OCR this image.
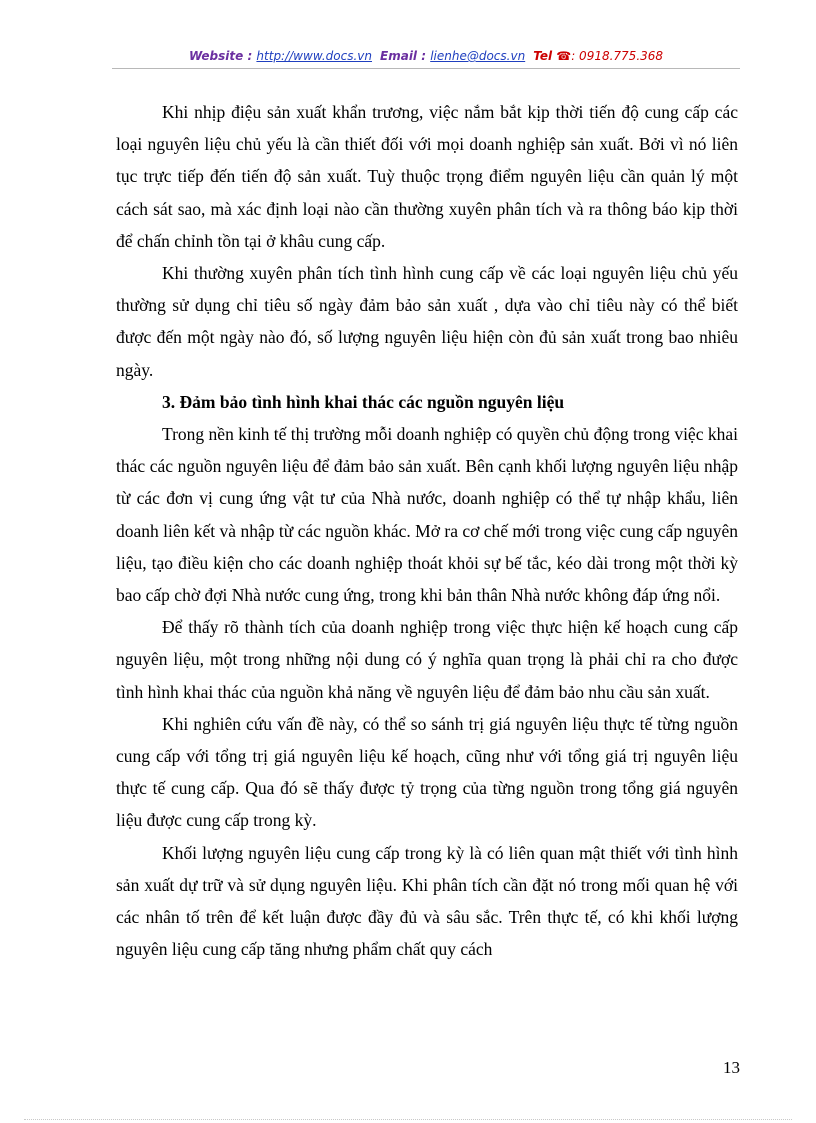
Website : http://www.docs.vn Email : lienhe@docs.vn Tel ☎: 0918.775.368

Khi nhịp điệu sản xuất khẩn trương, việc nắm bắt kịp thời tiến độ cung cấp các loại nguyên liệu chủ yếu là cần thiết đối với mọi doanh nghiệp sản xuất. Bởi vì nó liên tục trực tiếp đến tiến độ sản xuất. Tuỳ thuộc trọng điểm nguyên liệu cần quản lý một cách sát sao, mà xác định loại nào cần thường xuyên phân tích và ra thông báo kịp thời để chấn chỉnh tồn tại ở khâu cung cấp.

Khi thường xuyên phân tích tình hình cung cấp về các loại nguyên liệu chủ yếu thường sử dụng chỉ tiêu số ngày đảm bảo sản xuất , dựa vào chỉ tiêu này có thể biết được đến một ngày nào đó, số lượng nguyên liệu hiện còn đủ sản xuất trong bao nhiêu ngày.

3. Đảm bảo tình hình khai thác các nguồn nguyên liệu

Trong nền kinh tế thị trường mỗi doanh nghiệp có quyền chủ động trong việc khai thác các nguồn nguyên liệu để đảm bảo sản xuất. Bên cạnh khối lượng nguyên liệu nhập từ các đơn vị cung ứng vật tư của Nhà nước, doanh nghiệp có thể tự nhập khẩu, liên doanh liên kết và nhập từ các nguồn khác. Mở ra cơ chế mới trong việc cung cấp nguyên liệu, tạo điều kiện cho các doanh nghiệp thoát khỏi sự bế tắc, kéo dài trong một thời kỳ bao cấp chờ đợi Nhà nước cung ứng, trong khi bản thân Nhà nước không đáp ứng nổi.

Để thấy rõ thành tích của doanh nghiệp trong việc thực hiện kế hoạch cung cấp nguyên liệu, một trong những nội dung có ý nghĩa quan trọng là phải chỉ ra cho được tình hình khai thác của nguồn khả năng về nguyên liệu để đảm bảo nhu cầu sản xuất.

Khi nghiên cứu vấn đề này, có thể so sánh trị giá nguyên liệu thực tế từng nguồn cung cấp với tổng trị giá nguyên liệu kế hoạch, cũng như với tổng giá trị nguyên liệu thực tế cung cấp. Qua đó sẽ thấy được tỷ trọng của từng nguồn trong tổng giá nguyên liệu được cung cấp trong kỳ.

Khối lượng nguyên liệu cung cấp trong kỳ là có liên quan mật thiết với tình hình sản xuất dự trữ và sử dụng nguyên liệu. Khi phân tích cần đặt nó trong mối quan hệ với các nhân tố trên để kết luận được đầy đủ và sâu sắc. Trên thực tế, có khi khối lượng nguyên liệu cung cấp tăng nhưng phẩm chất quy cách

13
